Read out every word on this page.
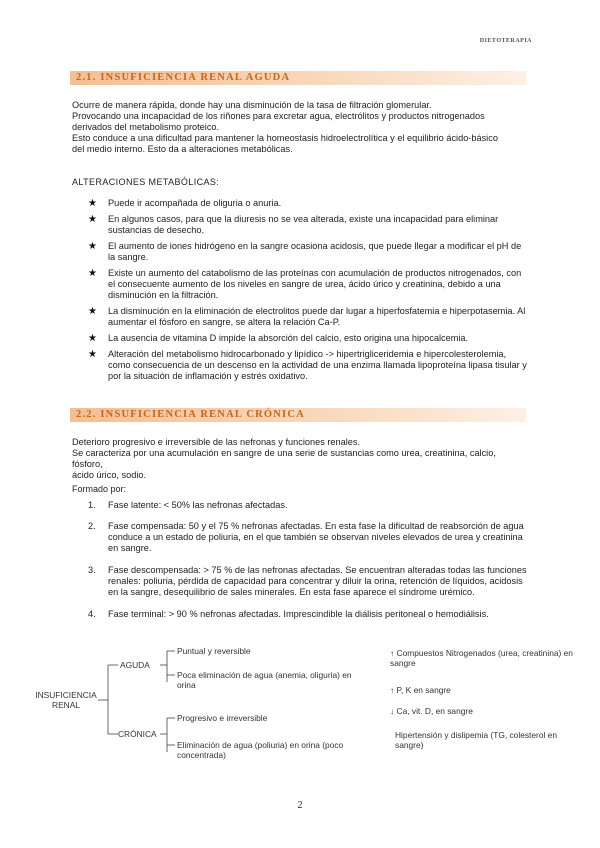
DIETOTERAPIA
2.1. INSUFICIENCIA RENAL AGUDA

Ocurre de manera rápida, donde hay una disminución de la tasa de filtración glomerular.

Provocando una incapacidad de los riñones para excretar agua, electrólitos y productos nitrogenados

derivados del metabolismo proteico.

Esto conduce a una dificultad para mantener la homeostasis hidroelectrolítica y el equilibrio ácido-básico

del medio interno. Esto da a alteraciones metabólicas.

ALTERACIONES METABÓLICAS:
★ Puede ir acompañada de oliguria o anuria.
★ En algunos casos, para que la diuresis no se vea alterada, existe una incapacidad para eliminar sustancias de desecho.
★ El aumento de iones hidrógeno en la sangre ocasiona acidosis, que puede llegar a modificar el pH de la sangre.
★ Existe un aumento del catabolismo de las proteínas con acumulación de productos nitrogenados, con el consecuente aumento de los niveles en sangre de urea, ácido úrico y creatinina, debido a una disminución en la filtración.
★ La disminución en la eliminación de electrolitos puede dar lugar a hiperfosfatemia e hiperpotasemia. Al aumentar el fósforo en sangre, se altera la relación Ca-P.
★ La ausencia de vitamina D impide la absorción del calcio, esto origina una hipocalcemia.
★ Alteración del metabolismo hidrocarbonado y lipídico -> hipertrigliceridemia e hipercolesterolemia, como consecuencia de un descenso en la actividad de una enzima llamada lipoproteína lipasa tisular y por la situación de inflamación y estrés oxidativo.
2.2. INSUFICIENCIA RENAL CRÓNICA

Deterioro progresivo e irreversible de las nefronas y funciones renales.

Se caracteriza por una acumulación en sangre de una serie de sustancias como urea, creatinina, calcio, fósforo,

ácido úrico, sodio.

Formado por:
1. Fase latente: < 50% las nefronas afectadas.
2. Fase compensada: 50 y el 75 % nefronas afectadas. En esta fase la dificultad de reabsorción de agua conduce a un estado de poliuria, en el que también se observan niveles elevados de urea y creatinina en sangre.
3. Fase descompensada: > 75 % de las nefronas afectadas. Se encuentran alteradas todas las funciones renales: poliuria, pérdida de capacidad para concentrar y diluir la orina, retención de líquidos, acidosis en la sangre, desequilibrio de sales minerales. En esta fase aparece el síndrome urémico.
4. Fase terminal: > 90 % nefronas afectadas. Imprescindible la diálisis peritoneal o hemodiálisis.
INSUFICIENCIA
RENAL
AGUDA
CRÓNICA
Puntual y reversible
Poca eliminación de agua (anemia, oliguria) en orina
Progresivo e irreversible
Eliminación de agua (poliuria) en orina (poco concentrada)
↑ Compuestos Nitrogenados (urea, creatinina) en sangre
↑ P, K en sangre
↓ Ca, vit. D, en sangre
Hipertensión y dislipemia (TG, colesterol en sangre)
2
